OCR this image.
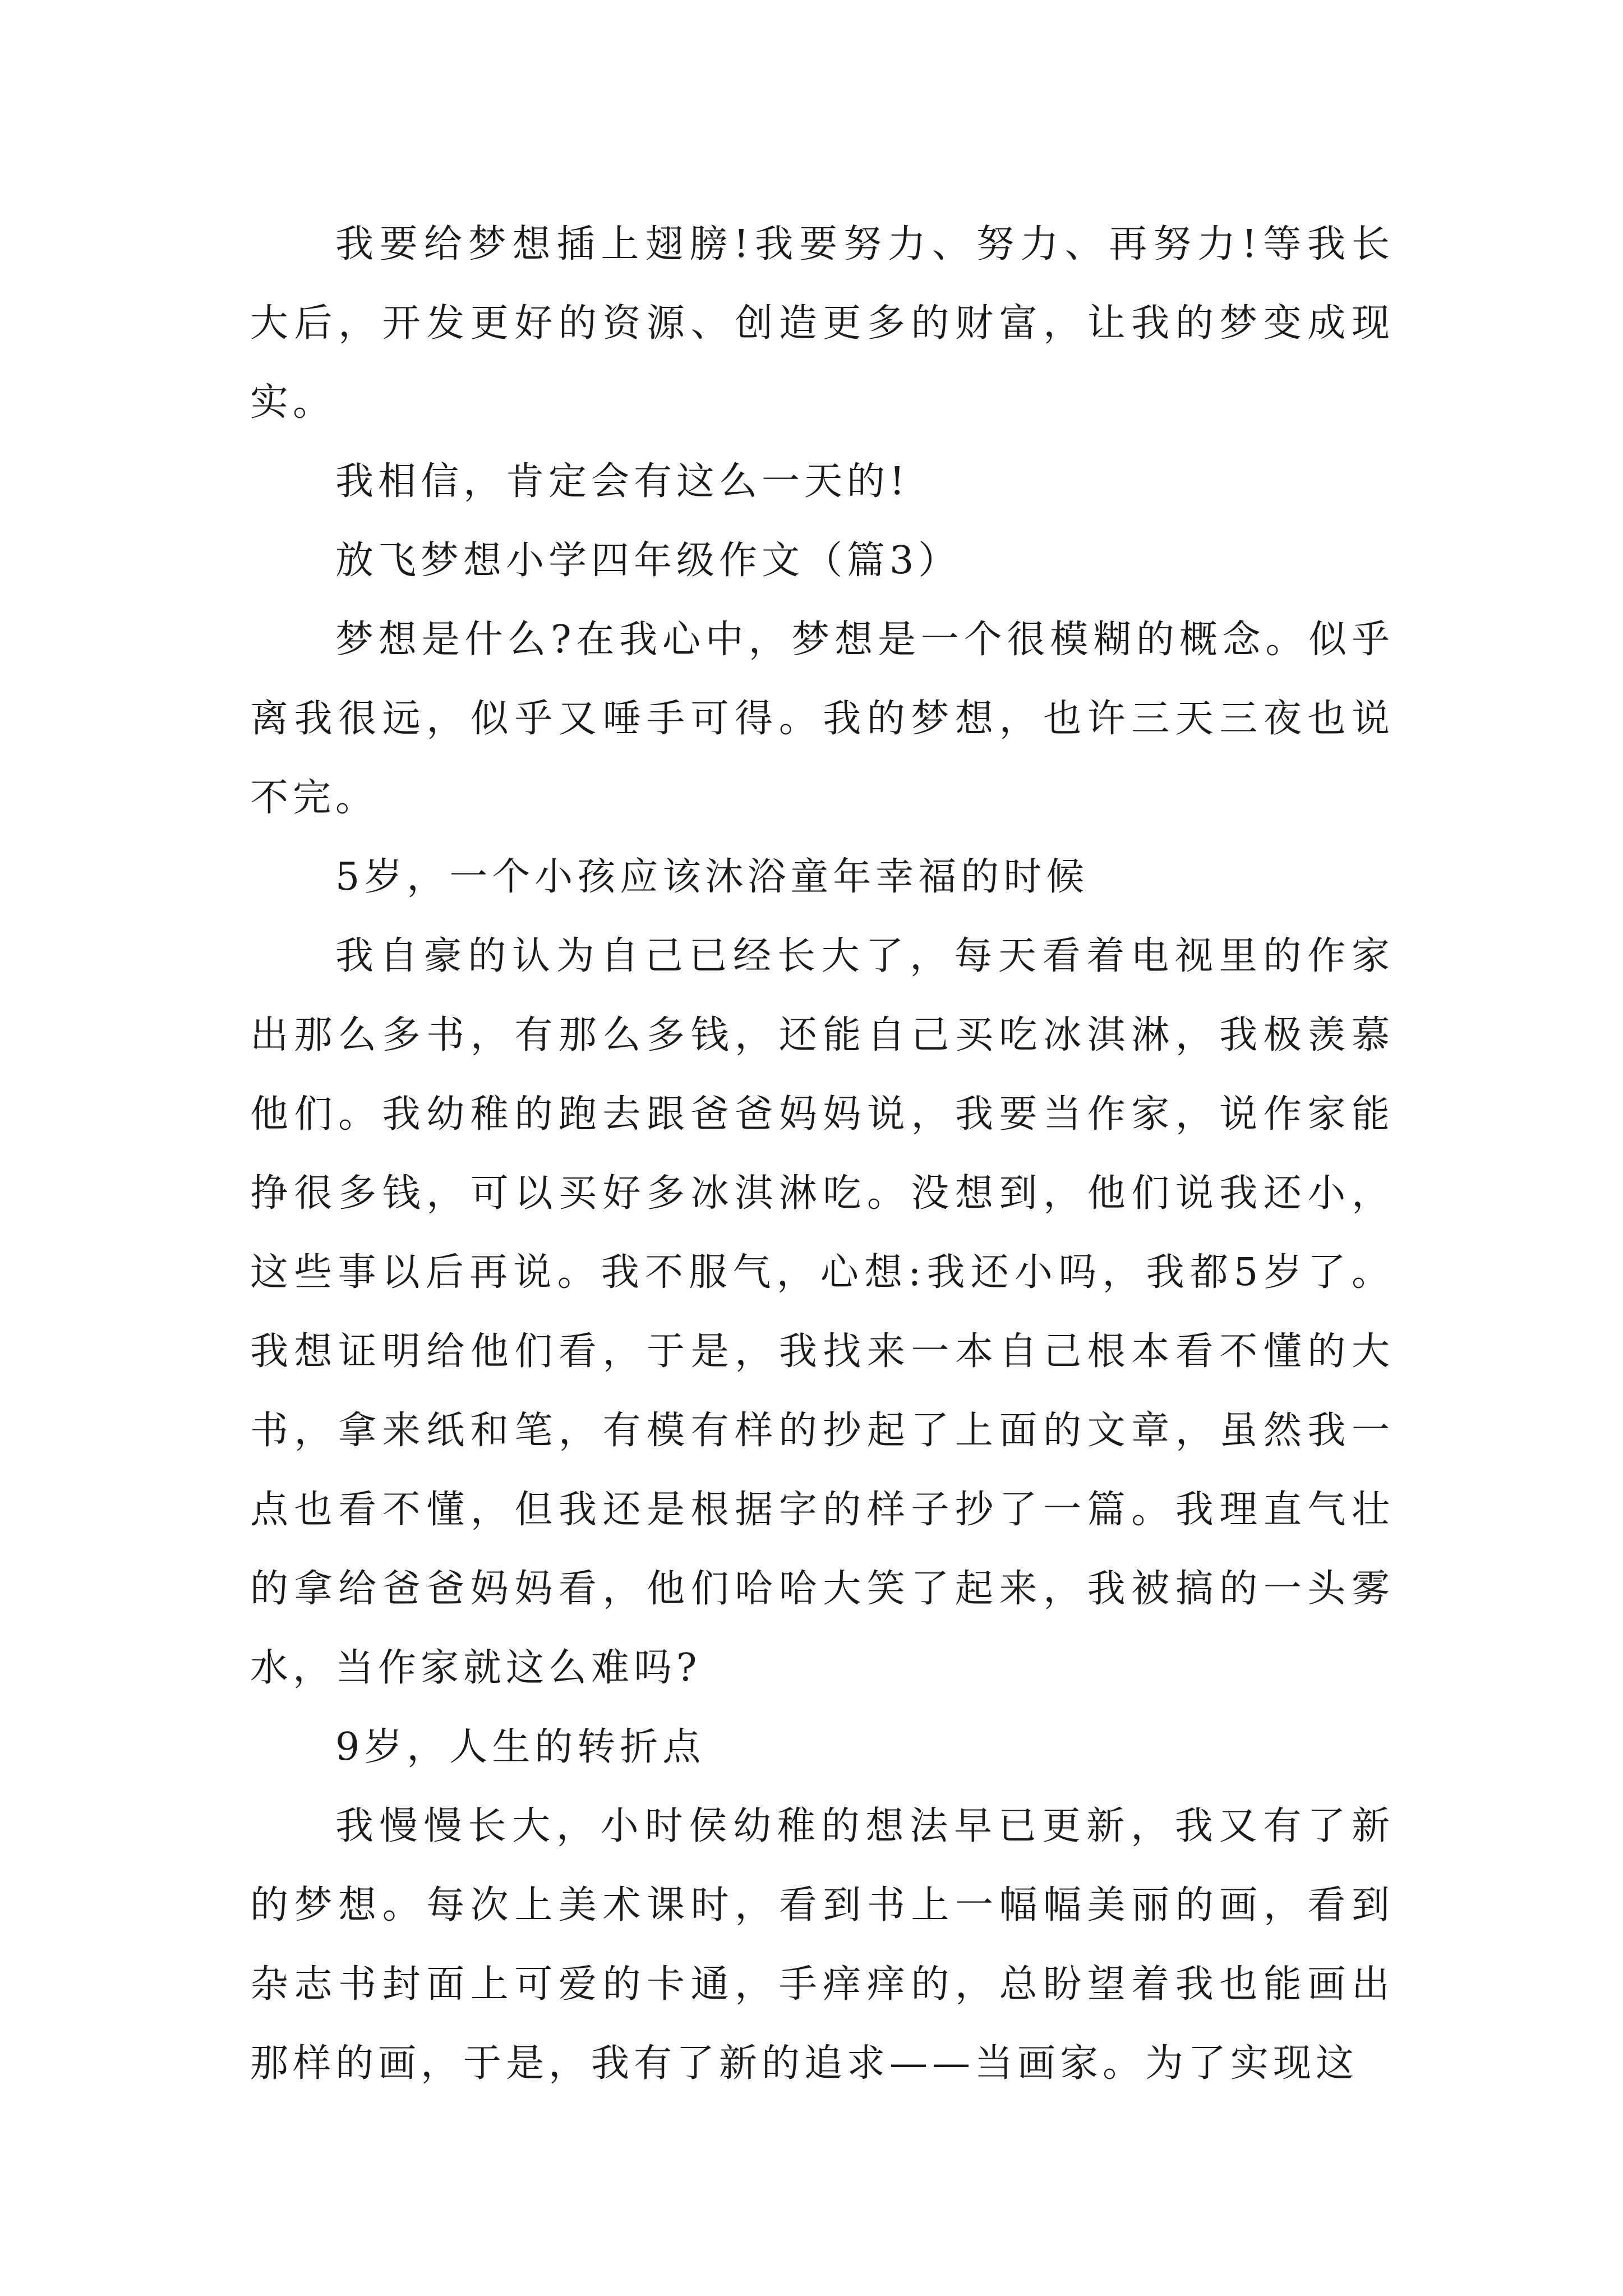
我要给梦想插上翅膀!我要努力、努力、再努力!等我长大后，开发更好的资源、创造更多的财富，让我的梦变成现实。

我相信，肯定会有这么一天的!

放飞梦想小学四年级作文（篇3）

梦想是什么?在我心中，梦想是一个很模糊的概念。似乎离我很远，似乎又唾手可得。我的梦想，也许三天三夜也说不完。

5岁，一个小孩应该沐浴童年幸福的时候

我自豪的认为自己已经长大了，每天看着电视里的作家出那么多书，有那么多钱，还能自己买吃冰淇淋，我极羡慕他们。我幼稚的跑去跟爸爸妈妈说，我要当作家，说作家能挣很多钱，可以买好多冰淇淋吃。没想到，他们说我还小，这些事以后再说。我不服气，心想:我还小吗，我都5岁了。我想证明给他们看，于是，我找来一本自己根本看不懂的大书，拿来纸和笔，有模有样的抄起了上面的文章，虽然我一点也看不懂，但我还是根据字的样子抄了一篇。我理直气壮的拿给爸爸妈妈看，他们哈哈大笑了起来，我被搞的一头雾水，当作家就这么难吗?

9岁，人生的转折点

我慢慢长大，小时侯幼稚的想法早已更新，我又有了新的梦想。每次上美术课时，看到书上一幅幅美丽的画，看到杂志书封面上可爱的卡通，手痒痒的，总盼望着我也能画出那样的画，于是，我有了新的追求——当画家。为了实现这
